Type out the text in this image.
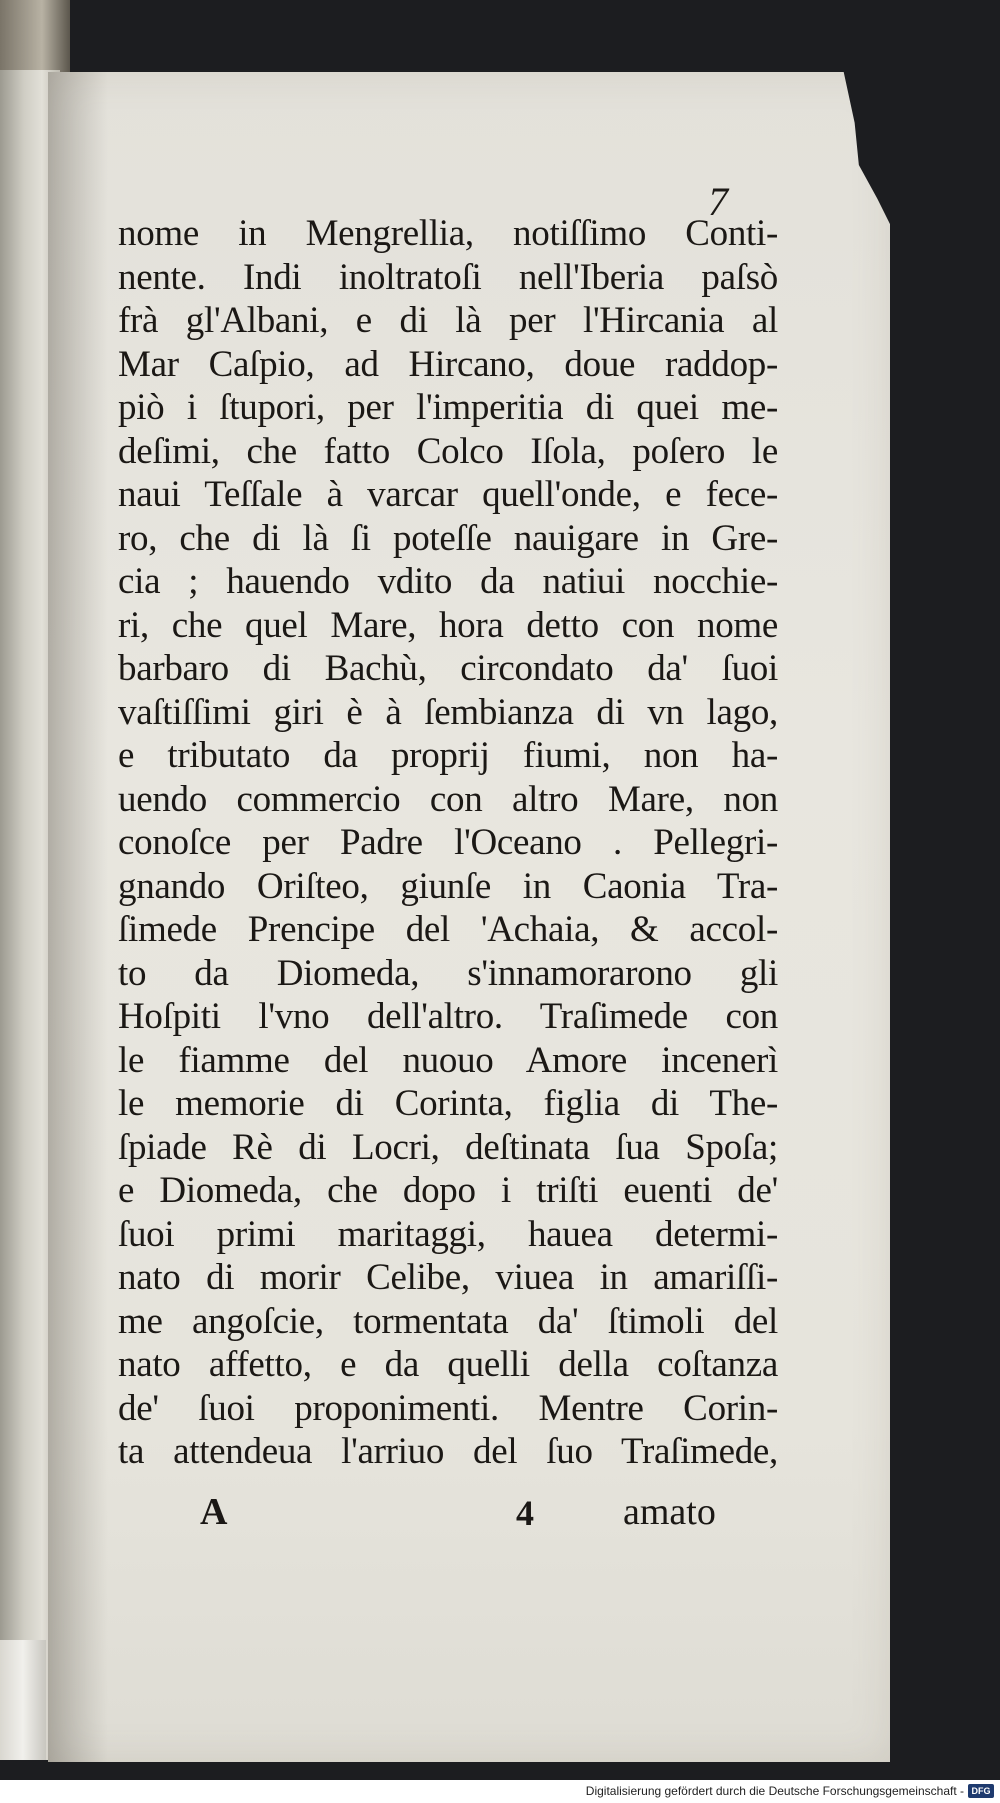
7
nome in Mengrellia, notiſſimo Conti-
nente. Indi inoltratoſi nell'Iberia paſsò
frà gl'Albani, e di là per l'Hircania al
Mar Caſpio, ad Hircano, doue raddop-
piò i ſtupori, per l'imperitia di quei me-
deſimi, che fatto Colco Iſola, poſero le
naui Teſſale à varcar quell'onde, e fece-
ro, che di là ſi poteſſe nauigare in Gre-
cia ; hauendo vdito da natiui nocchie-
ri, che quel Mare, hora detto con nome
barbaro di Bachù, circondato da' ſuoi
vaſtiſſimi giri è à ſembianza di vn lago,
e tributato da proprij fiumi, non ha-
uendo commercio con altro Mare, non
conoſce per Padre l'Oceano . Pellegri-
gnando Oriſteo, giunſe in Caonia Tra-
ſimede Prencipe del 'Achaia, & accol-
to da Diomeda, s'innamorarono gli
Hoſpiti l'vno dell'altro. Traſimede con
le fiamme del nuouo Amore incenerì
le memorie di Corinta, figlia di The-
ſpiade Rè di Locri, deſtinata ſua Spoſa;
e Diomeda, che dopo i triſti euenti de'
ſuoi primi maritaggi, hauea determi-
nato di morir Celibe, viuea in amariſſi-
me angoſcie, tormentata da' ſtimoli del
nato affetto, e da quelli della coſtanza
de' ſuoi proponimenti. Mentre Corin-
ta attendeua l'arriuo del ſuo Traſimede,
A	4 amato
Digitalisierung gefördert durch die Deutsche Forschungsgemeinschaft - DFG
